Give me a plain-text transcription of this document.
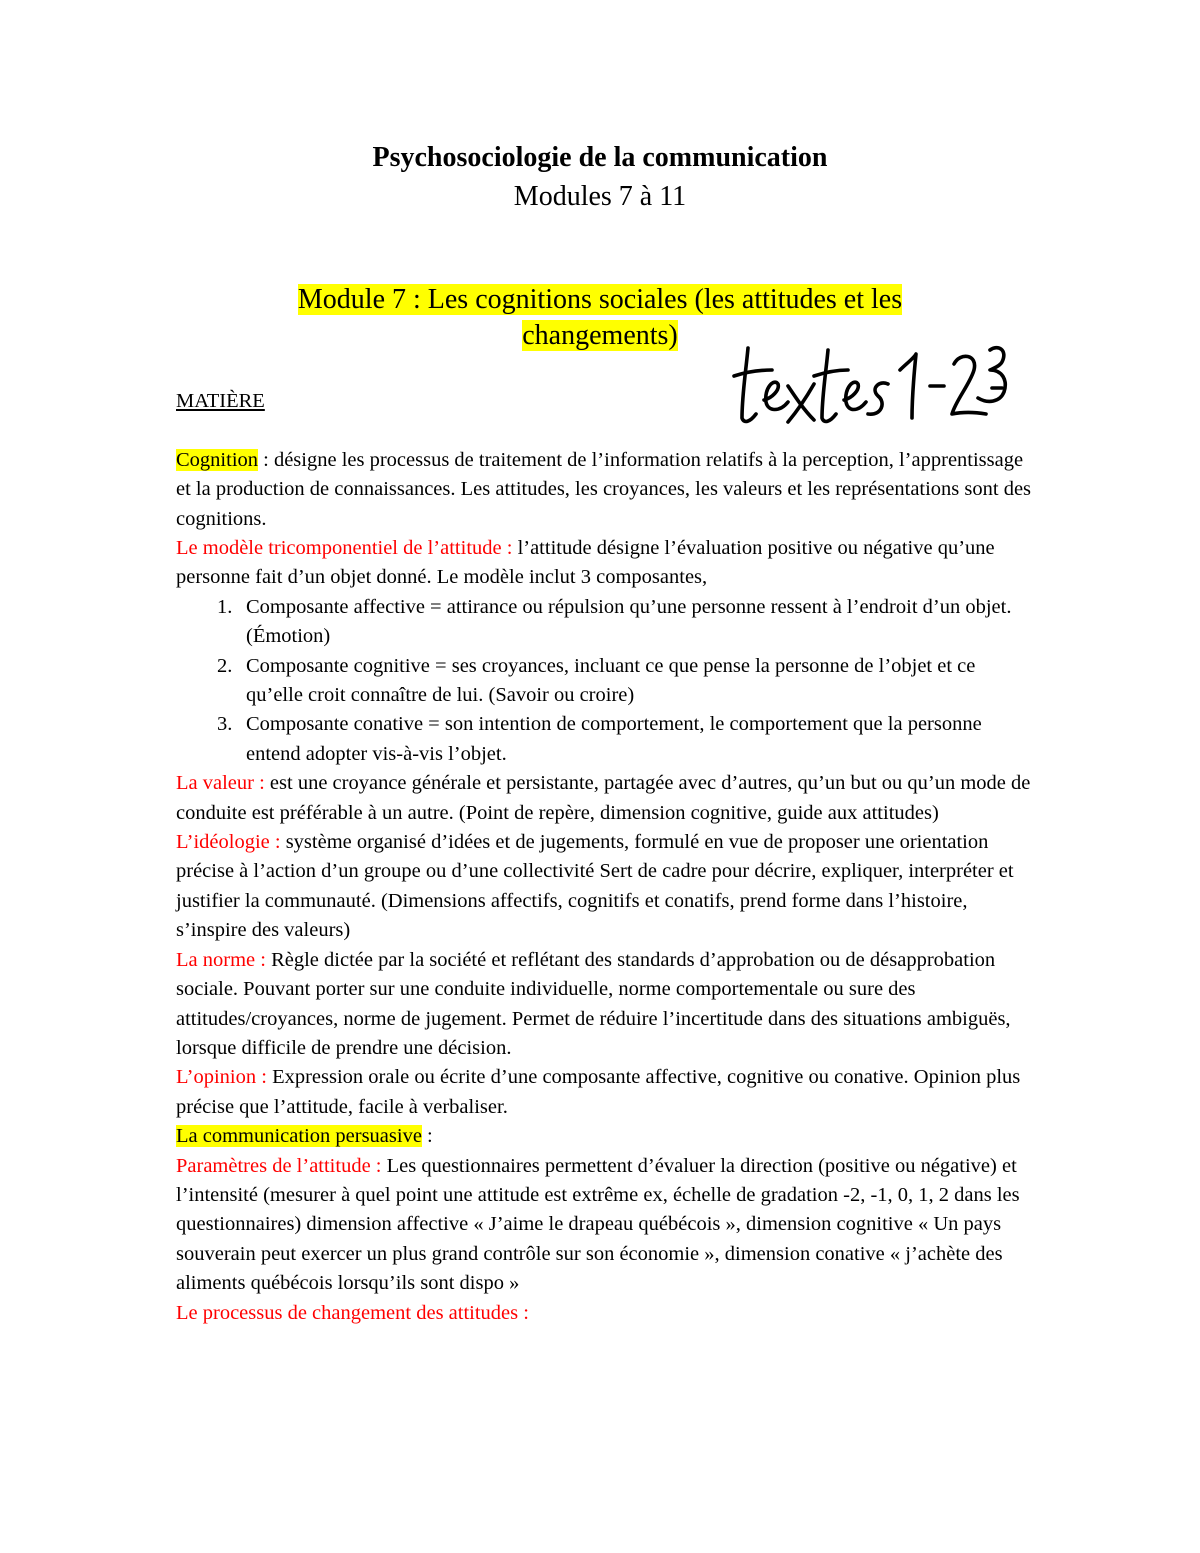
Psychosociologie de la communication
Modules 7 à 11
Module 7 : Les cognitions sociales (les attitudes et les
changements)

MATIÈRE

Cognition : désigne les processus de traitement de l’information relatifs à la perception, l’apprentissage et la production de connaissances. Les attitudes, les croyances, les valeurs et les représentations sont des cognitions.

Le modèle tricomponentiel de l’attitude : l’attitude désigne l’évaluation positive ou négative qu’une personne fait d’un objet donné. Le modèle inclut 3 composantes,

1. Composante affective = attirance ou répulsion qu’une personne ressent à l’endroit d’un objet. (Émotion)
2. Composante cognitive = ses croyances, incluant ce que pense la personne de l’objet et ce qu’elle croit connaître de lui. (Savoir ou croire)
3. Composante conative = son intention de comportement, le comportement que la personne entend adopter vis-à-vis l’objet.

La valeur : est une croyance générale et persistante, partagée avec d’autres, qu’un but ou qu’un mode de conduite est préférable à un autre. (Point de repère, dimension cognitive, guide aux attitudes)

L’idéologie : système organisé d’idées et de jugements, formulé en vue de proposer une orientation précise à l’action d’un groupe ou d’une collectivité Sert de cadre pour décrire, expliquer, interpréter et justifier la communauté. (Dimensions affectifs, cognitifs et conatifs, prend forme dans l’histoire, s’inspire des valeurs)

La norme : Règle dictée par la société et reflétant des standards d’approbation ou de désapprobation sociale. Pouvant porter sur une conduite individuelle, norme comportementale ou sure des attitudes/croyances, norme de jugement. Permet de réduire l’incertitude dans des situations ambiguës, lorsque difficile de prendre une décision.

L’opinion : Expression orale ou écrite d’une composante affective, cognitive ou conative. Opinion plus précise que l’attitude, facile à verbaliser.

La communication persuasive :

Paramètres de l’attitude : Les questionnaires permettent d’évaluer la direction (positive ou négative) et l’intensité (mesurer à quel point une attitude est extrême ex, échelle de gradation -2, -1, 0, 1, 2 dans les questionnaires) dimension affective « J’aime le drapeau québécois », dimension cognitive « Un pays souverain peut exercer un plus grand contrôle sur son économie », dimension conative « j’achète des aliments québécois lorsqu’ils sont dispo »

Le processus de changement des attitudes :
